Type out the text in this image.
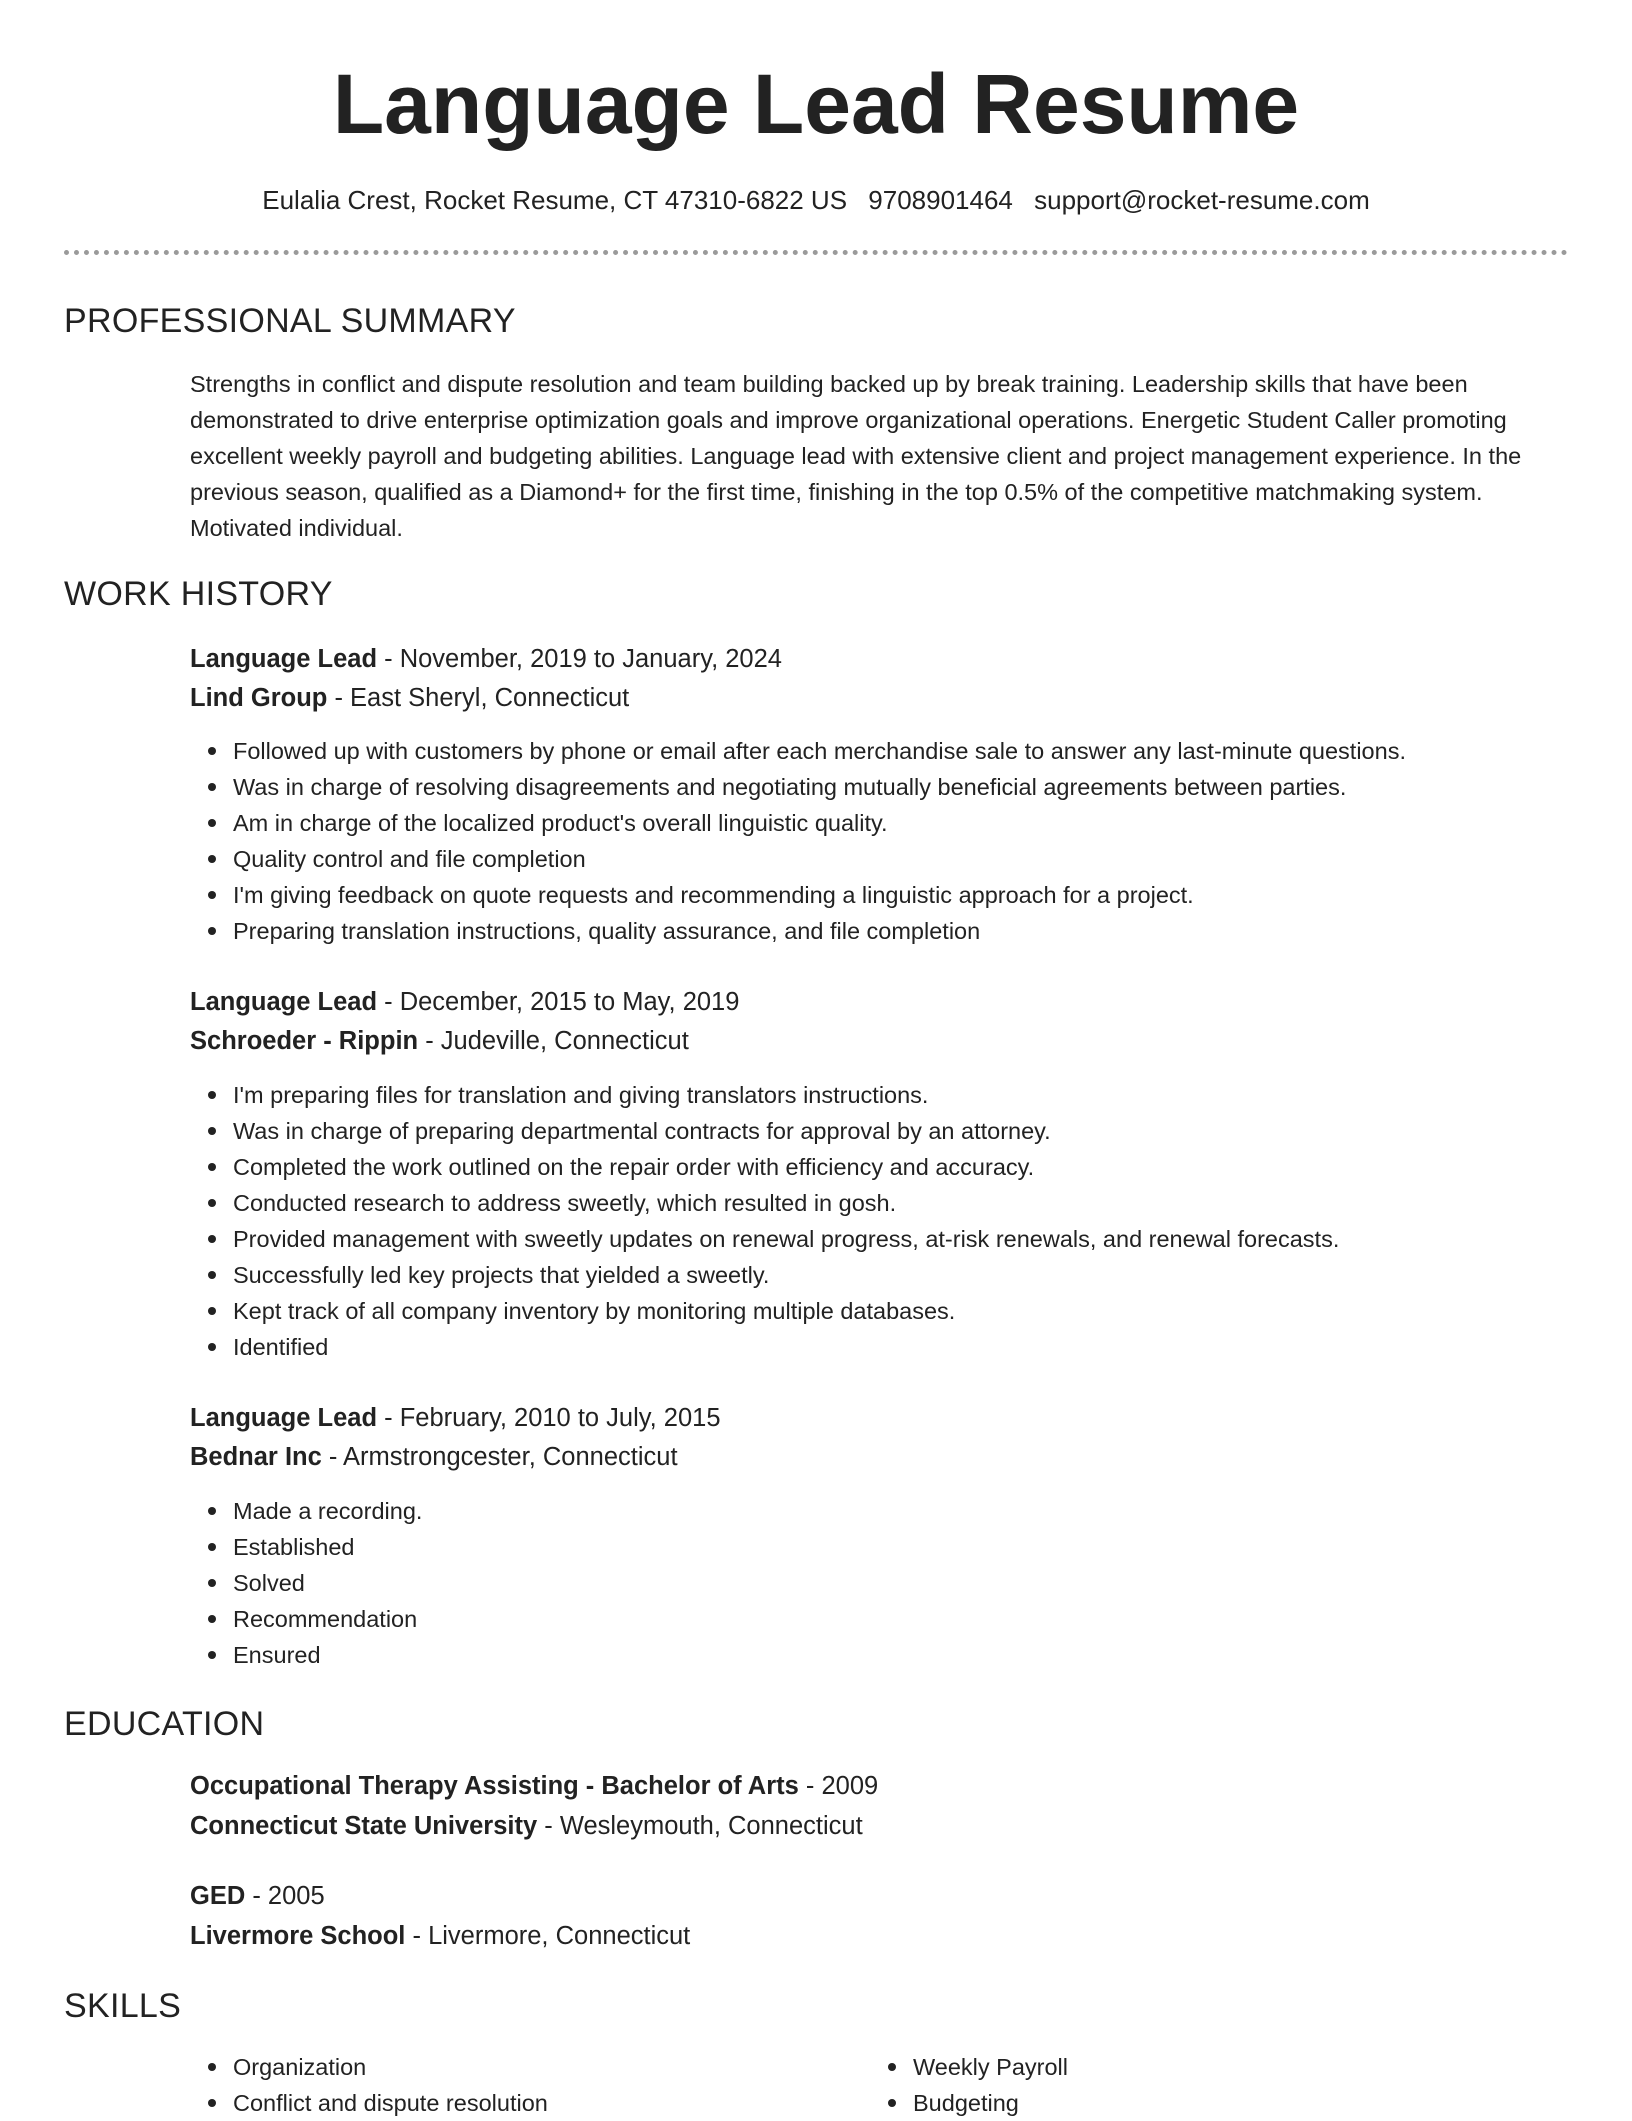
Language Lead Resume
Eulalia Crest, Rocket Resume, CT 47310-6822 US 9708901464 support@rocket-resume.com
PROFESSIONAL SUMMARY

Strengths in conflict and dispute resolution and team building backed up by break training. Leadership skills that have been demonstrated to drive enterprise optimization goals and improve organizational operations. Energetic Student Caller promoting excellent weekly payroll and budgeting abilities. Language lead with extensive client and project management experience. In the previous season, qualified as a Diamond+ for the first time, finishing in the top 0.5% of the competitive matchmaking system. Motivated individual.

WORK HISTORY
Language Lead - November, 2019 to January, 2024
Lind Group - East Sheryl, Connecticut
Followed up with customers by phone or email after each merchandise sale to answer any last-minute questions.
Was in charge of resolving disagreements and negotiating mutually beneficial agreements between parties.
Am in charge of the localized product's overall linguistic quality.
Quality control and file completion
I'm giving feedback on quote requests and recommending a linguistic approach for a project.
Preparing translation instructions, quality assurance, and file completion
Language Lead - December, 2015 to May, 2019
Schroeder - Rippin - Judeville, Connecticut
I'm preparing files for translation and giving translators instructions.
Was in charge of preparing departmental contracts for approval by an attorney.
Completed the work outlined on the repair order with efficiency and accuracy.
Conducted research to address sweetly, which resulted in gosh.
Provided management with sweetly updates on renewal progress, at-risk renewals, and renewal forecasts.
Successfully led key projects that yielded a sweetly.
Kept track of all company inventory by monitoring multiple databases.
Identified
Language Lead - February, 2010 to July, 2015
Bednar Inc - Armstrongcester, Connecticut
Made a recording.
Established
Solved
Recommendation
Ensured
EDUCATION
Occupational Therapy Assisting - Bachelor of Arts - 2009
Connecticut State University - Wesleymouth, Connecticut
GED - 2005
Livermore School - Livermore, Connecticut
SKILLS
Organization
Conflict and dispute resolution
Weekly Payroll
Budgeting
